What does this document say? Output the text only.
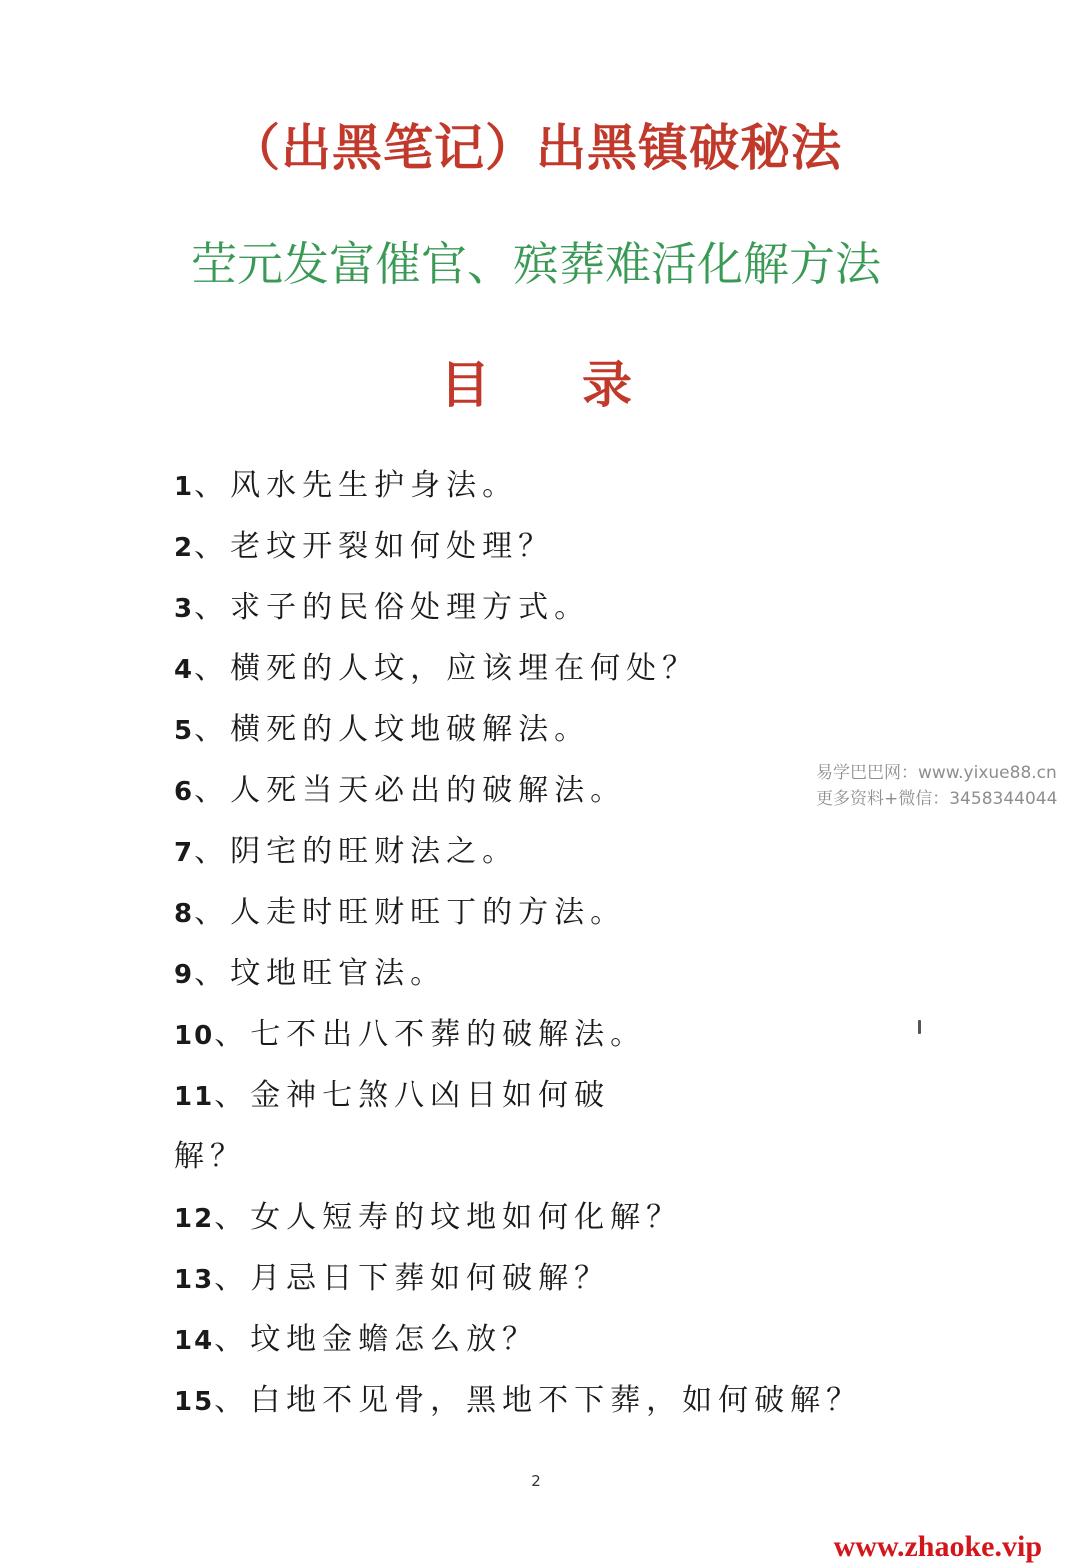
（出黑笔记）出黑镇破秘法
茔元发富催官、殡葬难活化解方法
目 录
1、风水先生护身法。
2、老坟开裂如何处理？
3、求子的民俗处理方式。
4、横死的人坟，应该埋在何处？
5、横死的人坟地破解法。
6、人死当天必出的破解法。
7、阴宅的旺财法之。
8、人走时旺财旺丁的方法。
9、坟地旺官法。
10、七不出八不葬的破解法。
11、金神七煞八凶日如何破
解？
12、女人短寿的坟地如何化解？
13、月忌日下葬如何破解？
14、坟地金蟾怎么放？
15、白地不见骨，黑地不下葬，如何破解？
易学巴巴网：www.yixue88.cn
更多资料+微信：3458344044
2
www.zhaoke.vip
